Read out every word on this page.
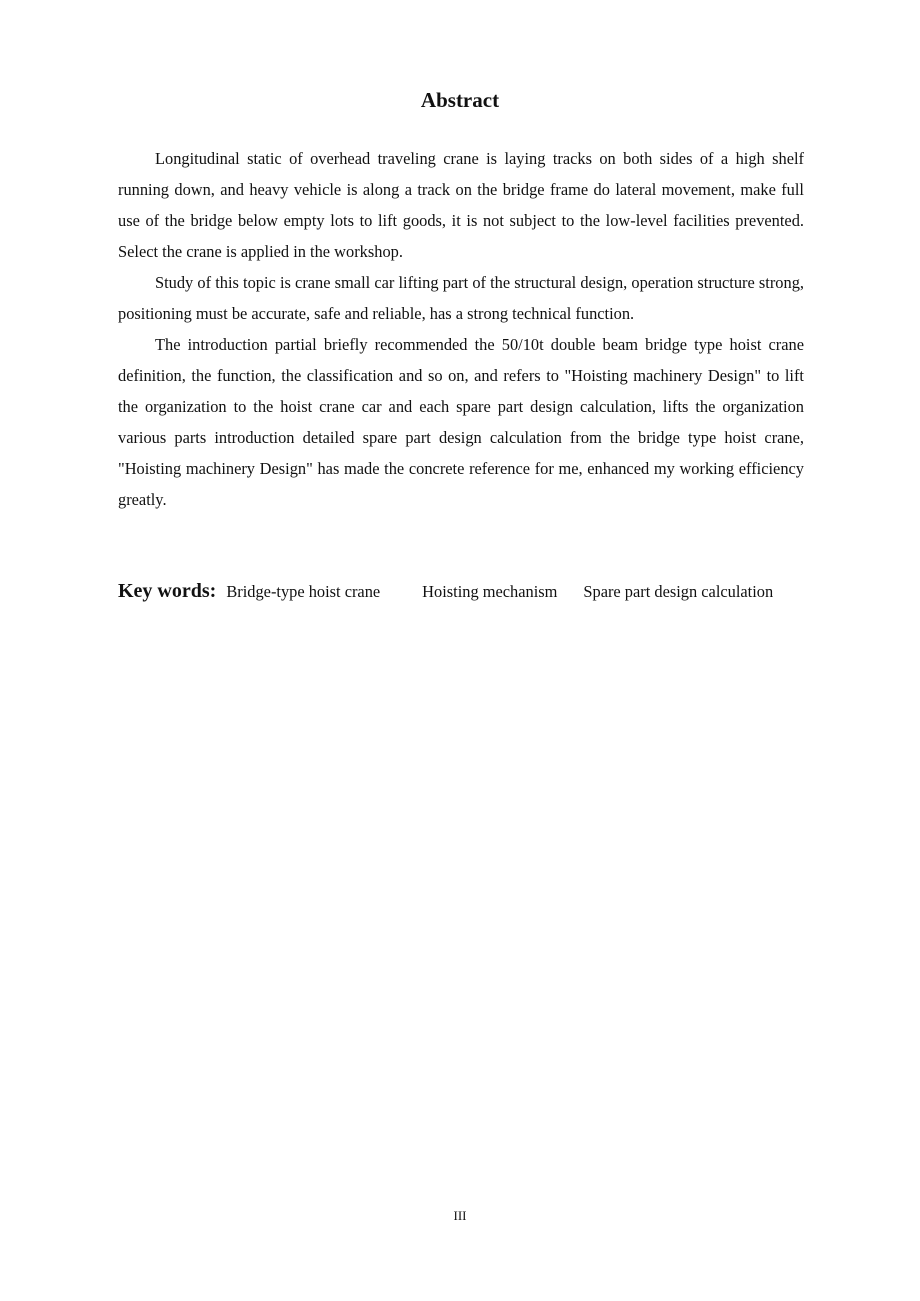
Abstract

Longitudinal static of overhead traveling crane is laying tracks on both sides of a high shelf running down, and heavy vehicle is along a track on the bridge frame do lateral movement, make full use of the bridge below empty lots to lift goods, it is not subject to the low-level facilities prevented. Select the crane is applied in the workshop.

Study of this topic is crane small car lifting part of the structural design, operation structure strong, positioning must be accurate, safe and reliable, has a strong technical function.

The introduction partial briefly recommended the 50/10t double beam bridge type hoist crane definition, the function, the classification and so on, and refers to "Hoisting machinery Design" to lift the organization to the hoist crane car and each spare part design calculation, lifts the organization various parts introduction detailed spare part design calculation from the bridge type hoist crane, "Hoisting machinery Design" has made the concrete reference for me, enhanced my working efficiency greatly.

Key words: Bridge-type hoist crane	Hoisting mechanism Spare part design calculation
III
